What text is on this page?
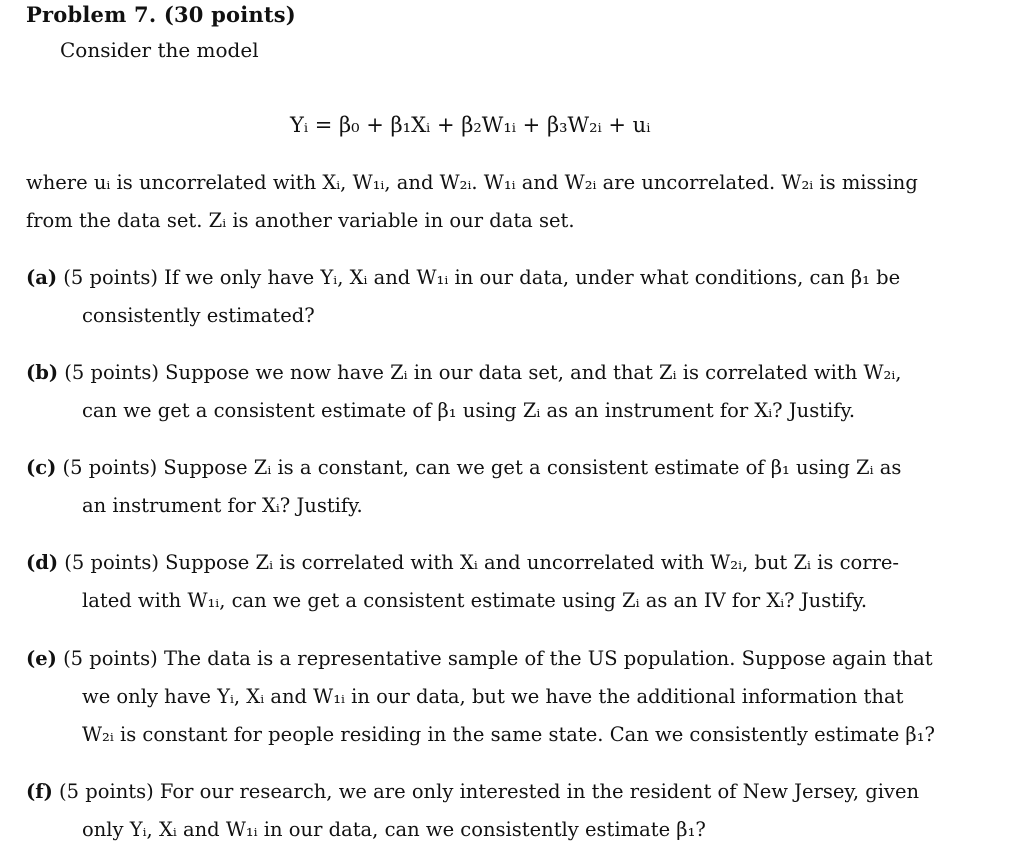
Problem 7. (30 points)
Consider the model
Yᵢ = β₀ + β₁Xᵢ + β₂W₁ᵢ + β₃W₂ᵢ + uᵢ

where uᵢ is uncorrelated with Xᵢ, W₁ᵢ, and W₂ᵢ. W₁ᵢ and W₂ᵢ are uncorrelated. W₂ᵢ is missing

from the data set. Zᵢ is another variable in our data set.

(a) (5 points) If we only have Yᵢ, Xᵢ and W₁ᵢ in our data, under what conditions, can β₁ be

consistently estimated?

(b) (5 points) Suppose we now have Zᵢ in our data set, and that Zᵢ is correlated with W₂ᵢ,

can we get a consistent estimate of β₁ using Zᵢ as an instrument for Xᵢ? Justify.

(c) (5 points) Suppose Zᵢ is a constant, can we get a consistent estimate of β₁ using Zᵢ as

an instrument for Xᵢ? Justify.

(d) (5 points) Suppose Zᵢ is correlated with Xᵢ and uncorrelated with W₂ᵢ, but Zᵢ is corre-

lated with W₁ᵢ, can we get a consistent estimate using Zᵢ as an IV for Xᵢ? Justify.

(e) (5 points) The data is a representative sample of the US population. Suppose again that

we only have Yᵢ, Xᵢ and W₁ᵢ in our data, but we have the additional information that

W₂ᵢ is constant for people residing in the same state. Can we consistently estimate β₁?

(f) (5 points) For our research, we are only interested in the resident of New Jersey, given

only Yᵢ, Xᵢ and W₁ᵢ in our data, can we consistently estimate β₁?
